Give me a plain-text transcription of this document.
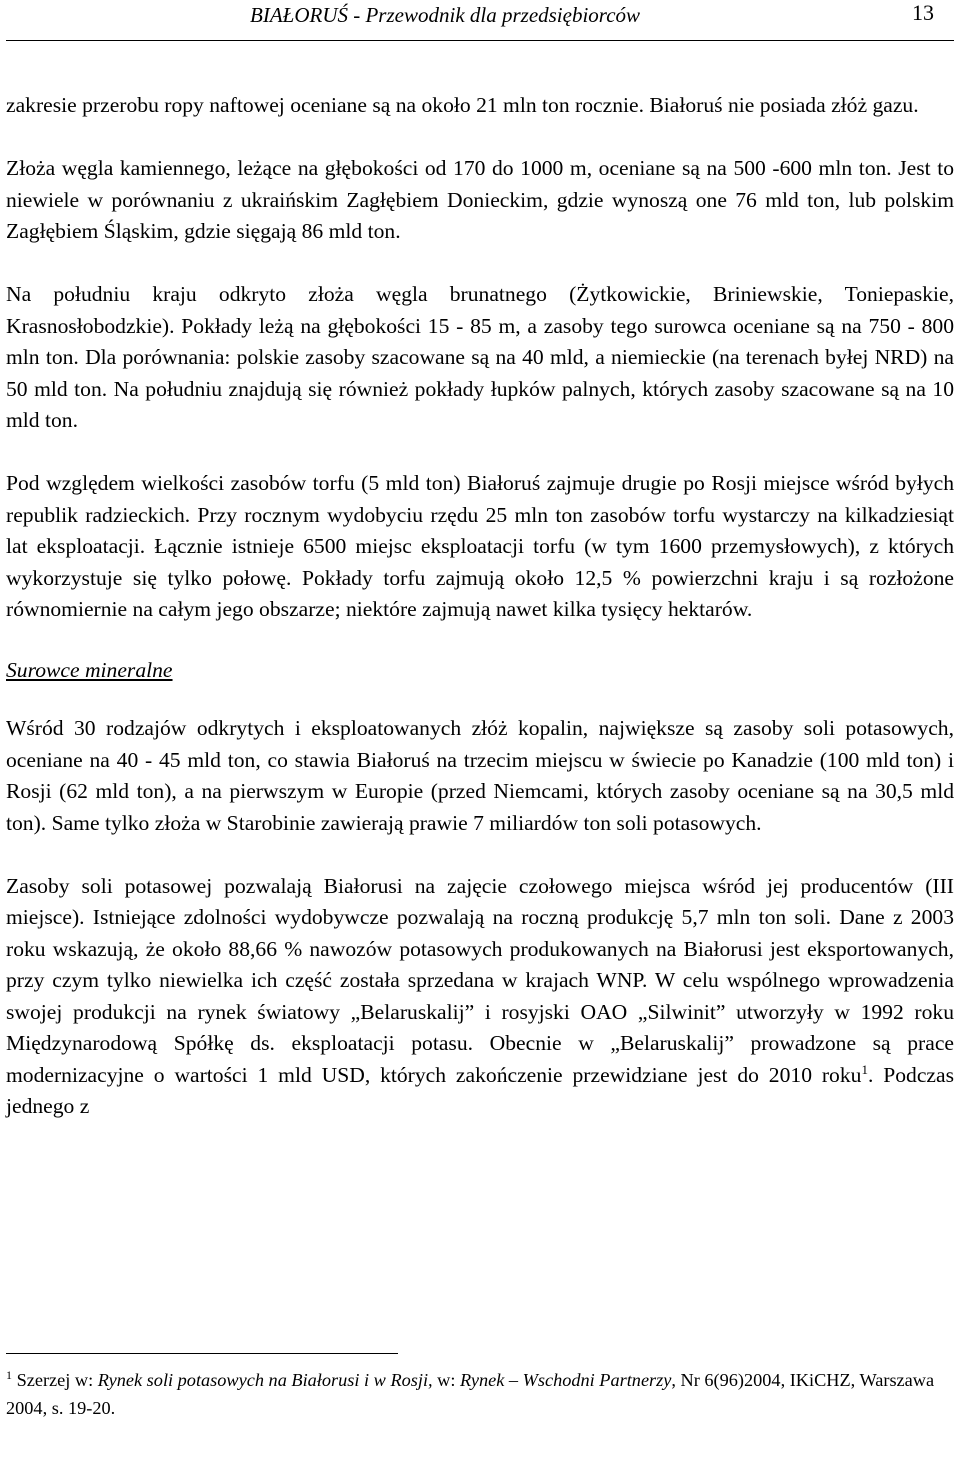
BIAŁORUŚ - Przewodnik dla przedsiębiorców	13

zakresie przerobu ropy naftowej oceniane są na około 21 mln ton rocznie. Białoruś nie posiada złóż gazu.

Złoża węgla kamiennego, leżące na głębokości od 170 do 1000 m, oceniane są na 500 -600 mln ton. Jest to niewiele w porównaniu z ukraińskim Zagłębiem Donieckim, gdzie wynoszą one 76 mld ton, lub polskim Zagłębiem Śląskim, gdzie sięgają 86 mld ton.

Na południu kraju odkryto złoża węgla brunatnego (Żytkowickie, Briniewskie, Toniepaskie, Krasnosłobodzkie). Pokłady leżą na głębokości 15 - 85 m, a zasoby tego surowca oceniane są na 750 - 800 mln ton. Dla porównania: polskie zasoby szacowane są na 40 mld, a niemieckie (na terenach byłej NRD) na 50 mld ton. Na południu znajdują się również pokłady łupków palnych, których zasoby szacowane są na 10 mld ton.

Pod względem wielkości zasobów torfu (5 mld ton) Białoruś zajmuje drugie po Rosji miejsce wśród byłych republik radzieckich. Przy rocznym wydobyciu rzędu 25 mln ton zasobów torfu wystarczy na kilkadziesiąt lat eksploatacji. Łącznie istnieje 6500 miejsc eksploatacji torfu (w tym 1600 przemysłowych), z których wykorzystuje się tylko połowę. Pokłady torfu zajmują około 12,5 % powierzchni kraju i są rozłożone równomiernie na całym jego obszarze; niektóre zajmują nawet kilka tysięcy hektarów.

Surowce mineralne

Wśród 30 rodzajów odkrytych i eksploatowanych złóż kopalin, największe są zasoby soli potasowych, oceniane na 40 - 45 mld ton, co stawia Białoruś na trzecim miejscu w świecie po Kanadzie (100 mld ton) i Rosji (62 mld ton), a na pierwszym w Europie (przed Niemcami, których zasoby oceniane są na 30,5 mld ton). Same tylko złoża w Starobinie zawierają prawie 7 miliardów ton soli potasowych.

Zasoby soli potasowej pozwalają Białorusi na zajęcie czołowego miejsca wśród jej producentów (III miejsce). Istniejące zdolności wydobywcze pozwalają na roczną produkcję 5,7 mln ton soli. Dane z 2003 roku wskazują, że około 88,66 % nawozów potasowych produkowanych na Białorusi jest eksportowanych, przy czym tylko niewielka ich część została sprzedana w krajach WNP. W celu wspólnego wprowadzenia swojej produkcji na rynek światowy „Belaruskalij” i rosyjski OAO „Silwinit” utworzyły w 1992 roku Międzynarodową Spółkę ds. eksploatacji potasu. Obecnie w „Belaruskalij” prowadzone są prace modernizacyjne o wartości 1 mld USD, których zakończenie przewidziane jest do 2010 roku$^1$. Podczas jednego z

$^1$ Szerzej w: Rynek soli potasowych na Białorusi i w Rosji, w: Rynek – Wschodni Partnerzy, Nr 6(96)2004, IKiCHZ, Warszawa 2004, s. 19-20.
